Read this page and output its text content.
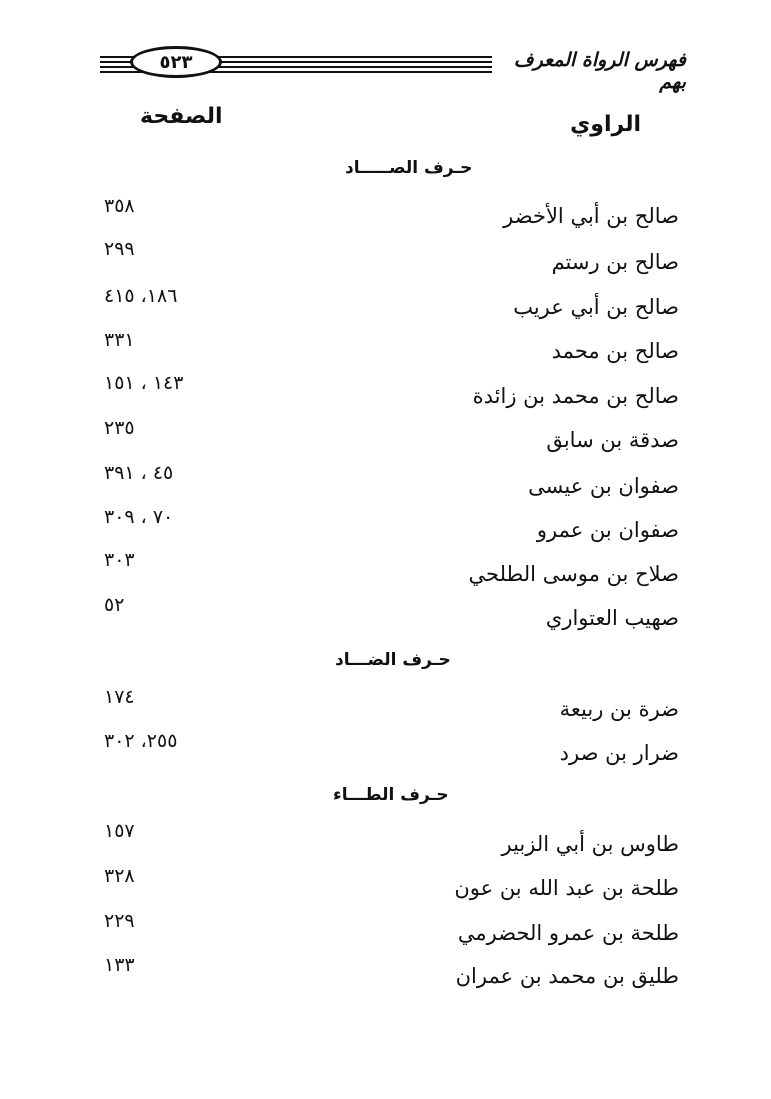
٥٢٣	فهرس الرواة المعرف بهم
الراوي
الصفحة
حـرف الصـــــاد
صالح بن أبي الأخضر
٣٥٨
صالح بن رستم
٢٩٩
صالح بن أبي عريب
١٨٦، ٤١٥
صالح بن محمد
٣٣١
صالح بن محمد بن زائدة
١٤٣ ، ١٥١
صدقة بن سابق
٢٣٥
صفوان بن عيسى
٤٥ ، ٣٩١
صفوان بن عمرو
٧٠ ، ٣٠٩
صلاح بن موسى الطلحي
٣٠٣
صهيب العتواري
٥٢
حـرف الضـــاد
ضرة بن ربيعة
١٧٤
ضرار بن صرد
٢٥٥، ٣٠٢
حـرف الطـــاء
طاوس بن أبي الزبير
١٥٧
طلحة بن عبد الله بن عون
٣٢٨
طلحة بن عمرو الحضرمي
٢٢٩
طليق بن محمد بن عمران
١٣٣
